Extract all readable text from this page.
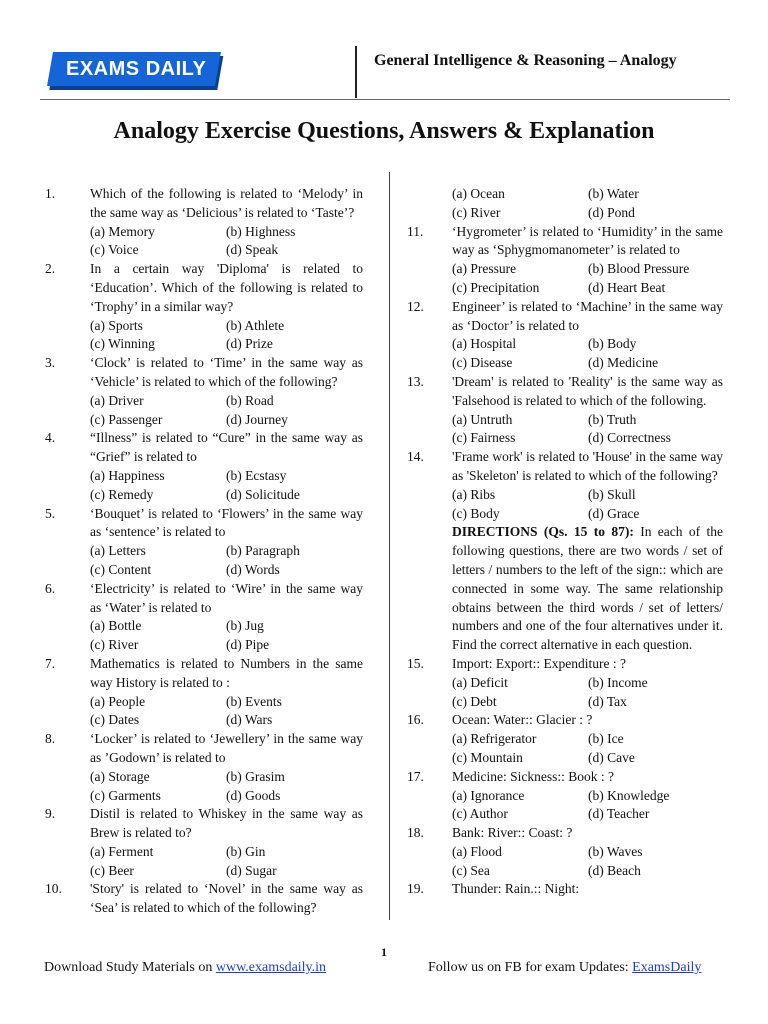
EXAMS DAILY	General Intelligence & Reasoning – Analogy
Analogy Exercise Questions, Answers & Explanation
1.	Which of the following is related to ‘Melody’ in the same way as ‘Delicious’ is related to ‘Taste’?
(a) Memory	(b) Highness
(c) Voice	(d) Speak
2.	In a certain way 'Diploma' is related to ‘Education’. Which of the following is related to ‘Trophy’ in a similar way?
(a) Sports	(b) Athlete
(c) Winning	(d) Prize
3.	‘Clock’ is related to ‘Time’ in the same way as ‘Vehicle’ is related to which of the following?
(a) Driver	(b) Road
(c) Passenger	(d) Journey
4.	“Illness” is related to “Cure” in the same way as “Grief” is related to
(a) Happiness	(b) Ecstasy
(c) Remedy	(d) Solicitude
5.	‘Bouquet’ is related to ‘Flowers’ in the same way as ‘sentence’ is related to
(a) Letters	(b) Paragraph
(c) Content	(d) Words
6.	‘Electricity’ is related to ‘Wire’ in the same way as ‘Water’ is related to
(a) Bottle	(b) Jug
(c) River	(d) Pipe
7.	Mathematics is related to Numbers in the same way History is related to :
(a) People	(b) Events
(c) Dates	(d) Wars
8.	‘Locker’ is related to ‘Jewellery’ in the same way as ’Godown’ is related to
(a) Storage	(b) Grasim
(c) Garments	(d) Goods
9.	Distil is related to Whiskey in the same way as Brew is related to?
(a) Ferment	(b) Gin
(c) Beer	(d) Sugar
10.	'Story' is related to ‘Novel’ in the same way as ‘Sea’ is related to which of the following?
(a) Ocean	(b) Water
(c) River	(d) Pond
11.	‘Hygrometer’ is related to ‘Humidity’ in the same way as ‘Sphygmomanometer’ is related to
(a) Pressure	(b) Blood Pressure
(c) Precipitation	(d) Heart Beat
12.	Engineer’ is related to ‘Machine’ in the same way as ‘Doctor’ is related to
(a) Hospital	(b) Body
(c) Disease	(d) Medicine
13.	'Dream' is related to 'Reality' is the same way as 'Falsehood is related to which of the following.
(a) Untruth	(b) Truth
(c) Fairness	(d) Correctness
14.	'Frame work' is related to 'House' in the same way as 'Skeleton' is related to which of the following?
(a) Ribs	(b) Skull
(c) Body	(d) Grace
DIRECTIONS (Qs. 15 to 87): In each of the following questions, there are two words / set of letters / numbers to the left of the sign:: which are connected in some way. The same relationship obtains between the third words / set of letters/ numbers and one of the four alternatives under it. Find the correct alternative in each question.
15.	Import: Export:: Expenditure : ?
(a) Deficit	(b) Income
(c) Debt	(d) Tax
16.	Ocean: Water:: Glacier : ?
(a) Refrigerator	(b) Ice
(c) Mountain	(d) Cave
17.	Medicine: Sickness:: Book : ?
(a) Ignorance	(b) Knowledge
(c) Author	(d) Teacher
18.	Bank: River:: Coast: ?
(a) Flood	(b) Waves
(c) Sea	(d) Beach
19.	Thunder: Rain.:: Night:
1
Download Study Materials on www.examsdaily.in	Follow us on FB for exam Updates: ExamsDaily
